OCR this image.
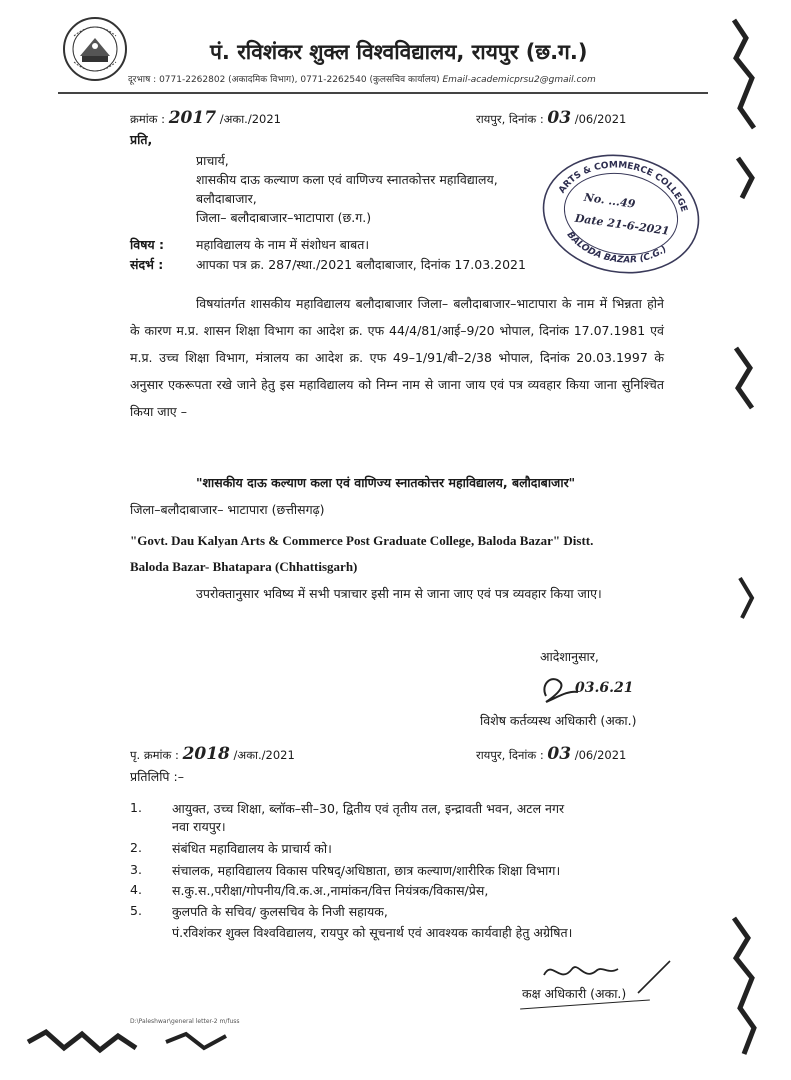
पं. रविशंकर शुक्ल विश्वविद्यालय, रायपुर (छ.ग.)
दूरभाष : 0771-2262802 (अकादमिक विभाग), 0771-2262540 (कुलसचिव कार्यालय) Email-academicprsu2@gmail.com
क्रमांक : 2017 /अका./2021	रायपुर, दिनांक : 03 /06/2021
प्रति,
प्राचार्य,
शासकीय दाऊ कल्याण कला एवं वाणिज्य स्नातकोत्तर महाविद्यालय,
बलौदाबाजार,
जिला– बलौदाबाजार–भाटापारा (छ.ग.)
ARTS & COMMERCE COLLEGE
BALODA BAZAR (C.G.)
No. ...49
Date 21-6-2021
विषय :	महाविद्यालय के नाम में संशोधन बाबत।
संदर्भ :	आपका पत्र क्र. 287/स्था./2021 बलौदाबाजार, दिनांक 17.03.2021

विषयांतर्गत शासकीय महाविद्यालय बलौदाबाजार जिला– बलौदाबाजार–भाटापारा के नाम में भिन्नता होने के कारण म.प्र. शासन शिक्षा विभाग का आदेश क्र. एफ 44/4/81/आई–9/20 भोपाल, दिनांक 17.07.1981 एवं म.प्र. उच्च शिक्षा विभाग, मंत्रालय का आदेश क्र. एफ 49–1/91/बी–2/38 भोपाल, दिनांक 20.03.1997 के अनुसार एकरूपता रखे जाने हेतु इस महाविद्यालय को निम्न नाम से जाना जाय एवं पत्र व्यवहार किया जाना सुनिश्चित किया जाए –

"शासकीय दाऊ कल्याण कला एवं वाणिज्य स्नातकोत्तर महाविद्यालय, बलौदाबाजार"
जिला–बलौदाबाजार– भाटापारा (छत्तीसगढ़)
"Govt. Dau Kalyan Arts & Commerce Post Graduate College, Baloda Bazar" Distt.
Baloda Bazar- Bhatapara (Chhattisgarh)

उपरोक्तानुसार भविष्य में सभी पत्राचार इसी नाम से जाना जाए एवं पत्र व्यवहार किया जाए।

आदेशानुसार,
03.6.21
विशेष कर्तव्यस्थ अधिकारी (अका.)
पृ. क्रमांक : 2018 /अका./2021	रायपुर, दिनांक : 03 /06/2021
प्रतिलिपि :–
1. आयुक्त, उच्च शिक्षा, ब्लॉक–सी–30, द्वितीय एवं तृतीय तल, इन्द्रावती भवन, अटल नगर
नवा रायपुर।
2. संबंधित महाविद्यालय के प्राचार्य को।
3. संचालक, महाविद्यालय विकास परिषद्/अधिष्ठाता, छात्र कल्याण/शारीरिक शिक्षा विभाग।
4. स.कु.स.,परीक्षा/गोपनीय/वि.क.अ.,नामांकन/वित्त नियंत्रक/विकास/प्रेस,
5. कुलपति के सचिव/ कुलसचिव के निजी सहायक,
पं.रविशंकर शुक्ल विश्वविद्यालय, रायपुर को सूचनार्थ एवं आवश्यक कार्यवाही हेतु अग्रेषित।
कक्ष अधिकारी (अका.)
D:\Paleshwar\general letter-2 m/fuss
